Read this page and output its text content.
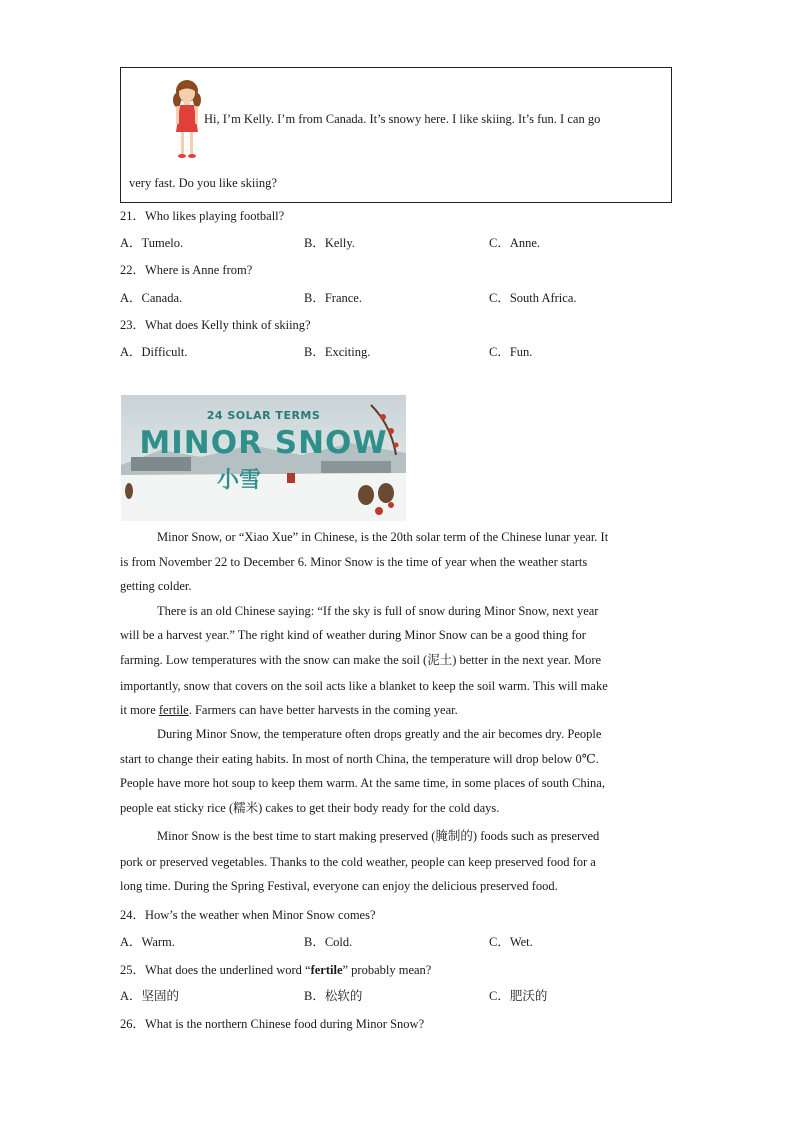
Hi, I’m Kelly. I’m from Canada. It’s snowy here. I like skiing. It’s fun. I can go
very fast. Do you like skiing?
21．Who likes playing football?
A．Tumelo.	B．Kelly.	C．Anne.
22．Where is Anne from?
A．Canada.	B．France.	C．South Africa.
23．What does Kelly think of skiing?
A．Difficult.	B．Exciting.	C．Fun.
24 SOLAR TERMS
MINOR SNOW
小雪
Minor Snow, or “Xiao Xue” in Chinese, is the 20th solar term of the Chinese lunar year. It
is from November 22 to December 6. Minor Snow is the time of year when the weather starts
getting colder.
There is an old Chinese saying: “If the sky is full of snow during Minor Snow, next year
will be a harvest year.” The right kind of weather during Minor Snow can be a good thing for
farming. Low temperatures with the snow can make the soil (泥土) better in the next year. More
importantly, snow that covers on the soil acts like a blanket to keep the soil warm. This will make
it more fertile. Farmers can have better harvests in the coming year.
During Minor Snow, the temperature often drops greatly and the air becomes dry. People
start to change their eating habits. In most of north China, the temperature will drop below 0℃.
People have more hot soup to keep them warm. At the same time, in some places of south China,
people eat sticky rice (糯米) cakes to get their body ready for the cold days.
Minor Snow is the best time to start making preserved (腌制的) foods such as preserved
pork or preserved vegetables. Thanks to the cold weather, people can keep preserved food for a
long time. During the Spring Festival, everyone can enjoy the delicious preserved food.
24．How’s the weather when Minor Snow comes?
A．Warm.	B．Cold.	C．Wet.
25．What does the underlined word “fertile” probably mean?
A．坚固的	B．松软的	C．肥沃的
26．What is the northern Chinese food during Minor Snow?
